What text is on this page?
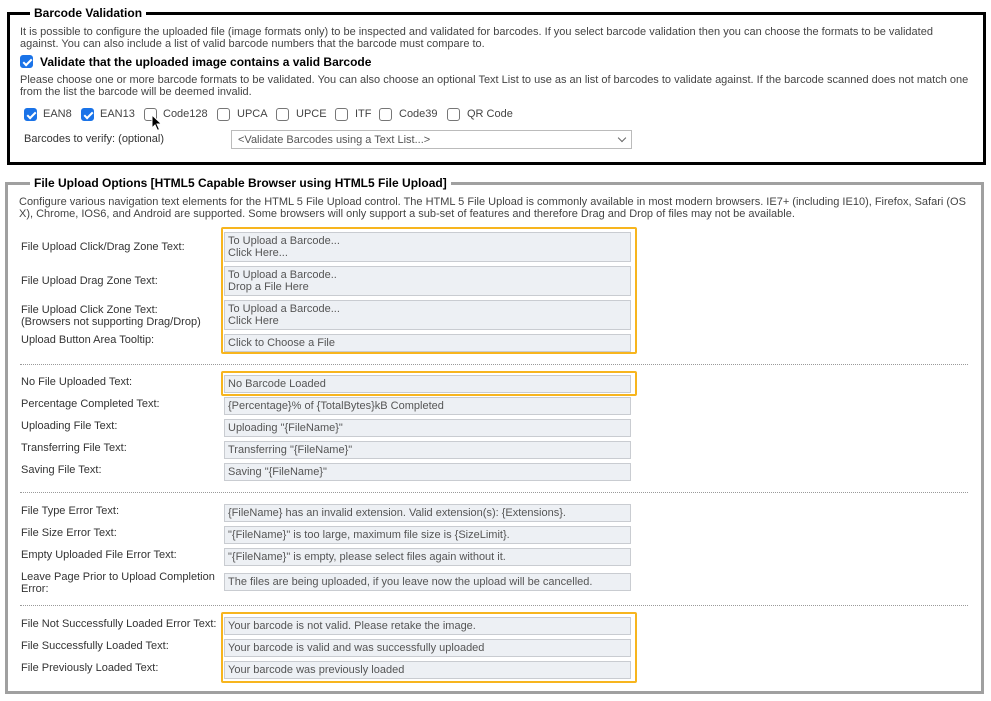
Barcode Validation
It is possible to configure the uploaded file (image formats only) to be inspected and validated for barcodes. If you select barcode validation then you can choose the formats to be validated against. You can also include a list of valid barcode numbers that the barcode must compare to.
Validate that the uploaded image contains a valid Barcode
Please choose one or more barcode formats to be validated. You can also choose an optional Text List to use as an list of barcodes to validate against. If the barcode scanned does not match one from the list the barcode will be deemed invalid.
EAN8	EAN13	Code128	UPCA	UPCE	ITF	Code39	QR Code
Barcodes to verify: (optional)	<Validate Barcodes using a Text List...>
File Upload Options [HTML5 Capable Browser using HTML5 File Upload]
Configure various navigation text elements for the HTML 5 File Upload control. The HTML 5 File Upload is commonly available in most modern browsers. IE7+ (including IE10), Firefox, Safari (OS X), Chrome, IOS6, and Android are supported. Some browsers will only support a sub-set of features and therefore Drag and Drop of files may not be available.
File Upload Click/Drag Zone Text:	To Upload a Barcode...
Click Here...
File Upload Drag Zone Text:	To Upload a Barcode..
Drop a File Here
File Upload Click Zone Text:
(Browsers not supporting Drag/Drop)
To Upload a Barcode...
Click Here
Upload Button Area Tooltip:	Click to Choose a File
No File Uploaded Text:	No Barcode Loaded
Percentage Completed Text:	{Percentage}% of {TotalBytes}kB Completed
Uploading File Text:	Uploading "{FileName}"
Transferring File Text:	Transferring "{FileName}"
Saving File Text:	Saving "{FileName}"
File Type Error Text:	{FileName} has an invalid extension. Valid extension(s): {Extensions}.
File Size Error Text:	"{FileName}" is too large, maximum file size is {SizeLimit}.
Empty Uploaded File Error Text:	"{FileName}" is empty, please select files again without it.
Leave Page Prior to Upload Completion
Error:
The files are being uploaded, if you leave now the upload will be cancelled.
File Not Successfully Loaded Error Text:	Your barcode is not valid. Please retake the image.
File Successfully Loaded Text:	Your barcode is valid and was successfully uploaded
File Previously Loaded Text:	Your barcode was previously loaded
